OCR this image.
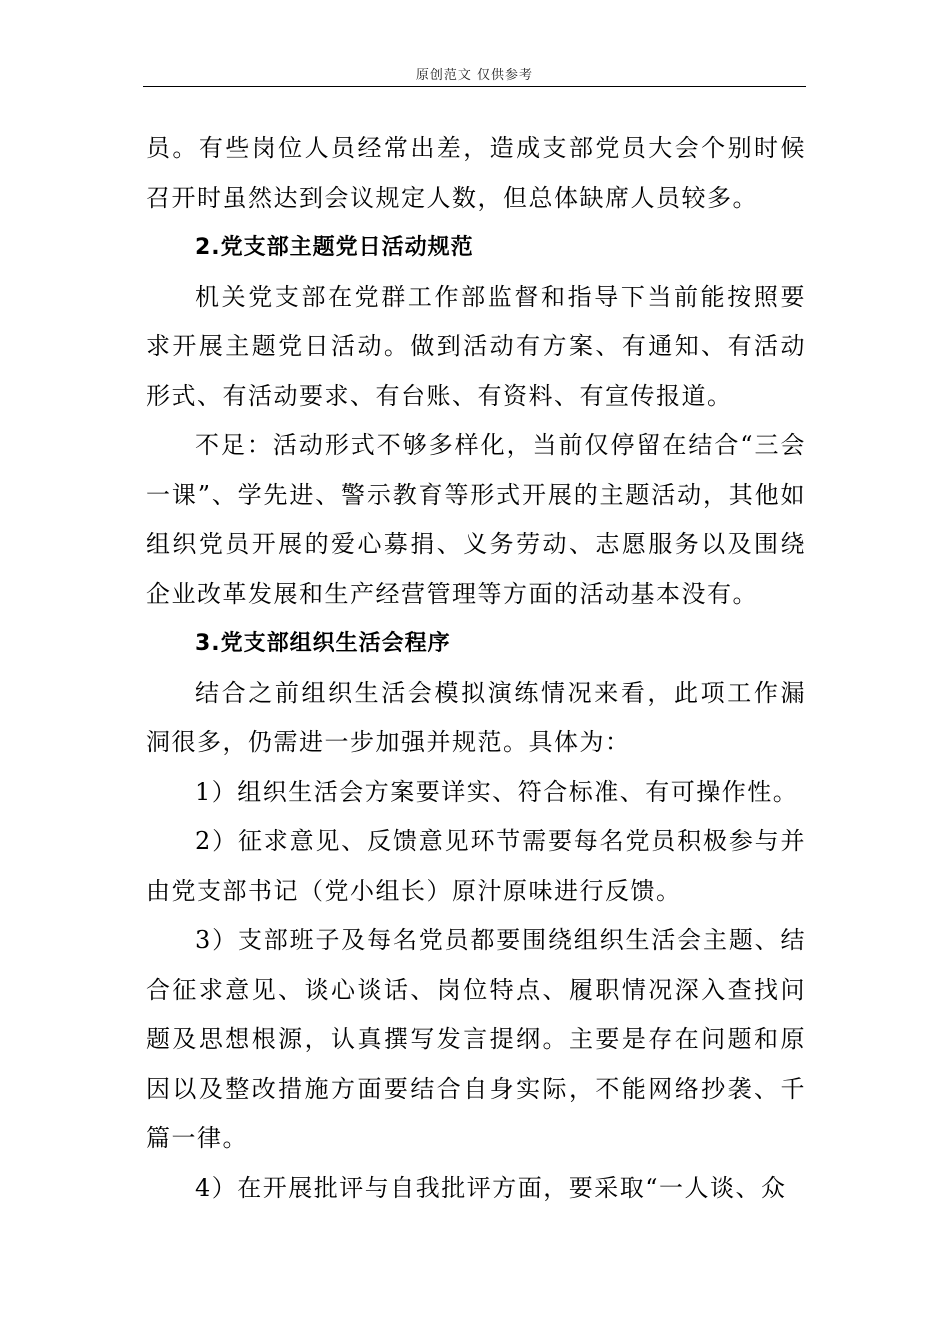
原创范文 仅供参考

员。有些岗位人员经常出差，造成支部党员大会个别时候召开时虽然达到会议规定人数，但总体缺席人员较多。

2.党支部主题党日活动规范

机关党支部在党群工作部监督和指导下当前能按照要求开展主题党日活动。做到活动有方案、有通知、有活动形式、有活动要求、有台账、有资料、有宣传报道。

不足：活动形式不够多样化，当前仅停留在结合“三会一课”、学先进、警示教育等形式开展的主题活动，其他如组织党员开展的爱心募捐、义务劳动、志愿服务以及围绕企业改革发展和生产经营管理等方面的活动基本没有。

3.党支部组织生活会程序

结合之前组织生活会模拟演练情况来看，此项工作漏洞很多，仍需进一步加强并规范。具体为：

1）组织生活会方案要详实、符合标准、有可操作性。

2）征求意见、反馈意见环节需要每名党员积极参与并由党支部书记（党小组长）原汁原味进行反馈。

3）支部班子及每名党员都要围绕组织生活会主题、结合征求意见、谈心谈话、岗位特点、履职情况深入查找问题及思想根源，认真撰写发言提纲。主要是存在问题和原因以及整改措施方面要结合自身实际，不能网络抄袭、千篇一律。

4）在开展批评与自我批评方面，要采取“一人谈、众
